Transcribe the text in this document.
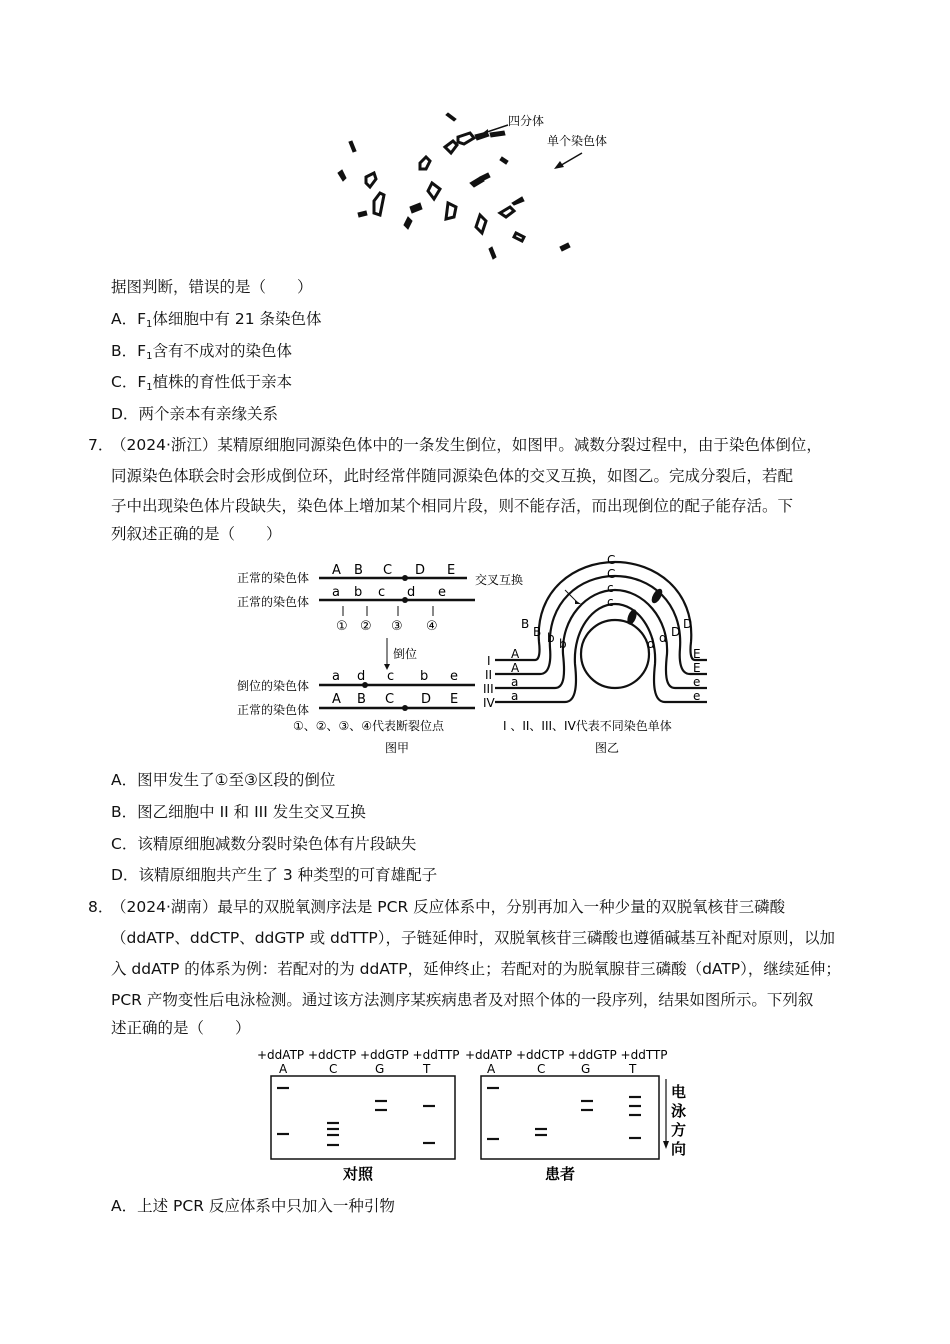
四分体
单个染色体
据图判断，错误的是（　　）
A．$F_1$体细胞中有 21 条染色体
B．$F_1$含有不成对的染色体
C．$F_1$植株的育性低于亲本
D．两个亲本有亲缘关系
7．
（2024·浙江）某精原细胞同源染色体中的一条发生倒位，如图甲。减数分裂过程中，由于染色体倒位，
同源染色体联会时会形成倒位环，此时经常伴随同源染色体的交叉互换，如图乙。完成分裂后，若配
子中出现染色体片段缺失，染色体上增加某个相同片段，则不能存活，而出现倒位的配子能存活。下
列叙述正确的是（　　）
正常的染色体 A B C D E
正常的染色体
a b c d e
① ② ③ ④
倒位
倒位的染色体
a d c b e
正常的染色体
A B C D E
①、②、③、④代表断裂位点
图甲
交叉互换
C
C
c
c
B
B b b
D
D
d
d
A
A
a
a
E
E
e
e
I
II
III
IV
I 、II、III、IV代表不同染色单体
图乙
A．图甲发生了①至③区段的倒位
B．图乙细胞中 II 和 III 发生交叉互换
C．该精原细胞减数分裂时染色体有片段缺失
D．该精原细胞共产生了 3 种类型的可育雄配子
8．
（2024·湖南）最早的双脱氧测序法是 PCR 反应体系中，分别再加入一种少量的双脱氧核苷三磷酸
（ddATP、ddCTP、ddGTP 或 ddTTP），子链延伸时，双脱氧核苷三磷酸也遵循碱基互补配对原则，以加
入 ddATP 的体系为例：若配对的为 ddATP，延伸终止；若配对的为脱氧腺苷三磷酸（dATP），继续延伸；
PCR 产物变性后电泳检测。通过该方法测序某疾病患者及对照个体的一段序列，结果如图所示。下列叙
述正确的是（　　）
+ddATP +ddCTP +ddGTP +ddTTP +ddATP +ddCTP +ddGTP +ddTTP
A	C	G	T	A	C	G	T
电
泳
方
向
对照	患者
A．上述 PCR 反应体系中只加入一种引物
